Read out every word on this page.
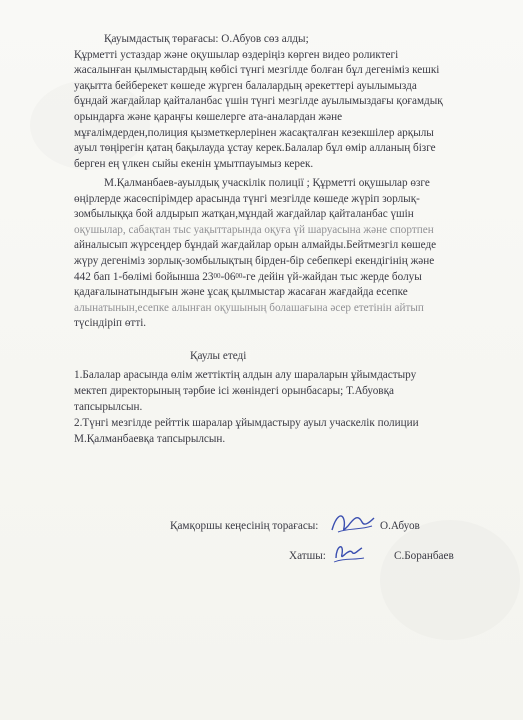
Қауымдастық төрағасы: О.Абуов сөз алды;
Құрметті устаздар және оқушылар өздеріңіз көрген видео роликтегі
жасалынған қылмыстардың көбісі түнгі мезгілде болған бұл дегеніміз кешкі
уақытта бейберекет көшеде жүрген балалардың әрекеттері ауылымызда
бұндай жағдайлар қайталанбас үшін түнгі мезгілде ауылымыздағы қоғамдық
орындарға және қараңғы көшелерге ата-аналардан және
мұғалімдерден,полиция қызметкерлерінен жасақталған кезекшілер арқылы
ауыл төңірегін қатаң бақылауда ұстау керек.Балалар бұл өмір алланың бізге
берген ең үлкен сыйы екенін ұмытпауымыз керек.
М.Қалманбаев-ауылдық учаскілік полиції ; Құрметті оқушылар өзге
өңірлерде жасөспірімдер арасында түнгі мезгілде көшеде жүріп зорлық-
зомбылыққа бой алдырып жатқан,мұндай жағдайлар қайталанбас үшін
оқушылар, сабақтан тыс уақыттарында оқуға үй шаруасына және спортпен
айналысып жүрсеңдер бұндай жағдайлар орын алмайды.Бейтмезгіл көшеде
жүру дегеніміз зорлық-зомбылықтың бірден-бір себепкері екендігінің және
442 бап 1-бөлімі бойынша $23^{00}-06^{00}-ге$ дейін үй-жайдан тыс жерде болуы
қадағалынатындығын және ұсақ қылмыстар жасаған жағдайда есепке
алынатынын,есепке алынған оқушының болашағына әсер ететінін айтып
түсіндіріп өтті.
Қаулы етеді
1.Балалар арасында өлім жеттіктің алдын алу шараларын ұйымдастыру
мектеп директорының тәрбие ісі жөніндегі орынбасары; Т.Абуовқа
тапсырылсын.
2.Түнгі мезгілде рейттік шаралар ұйымдастыру ауыл учаскелік полиции
М.Қалманбаевқа тапсырылсын.
Қамқоршы кеңесінің торағасы:	О.Абуов
Хатшы:	С.Боранбаев
